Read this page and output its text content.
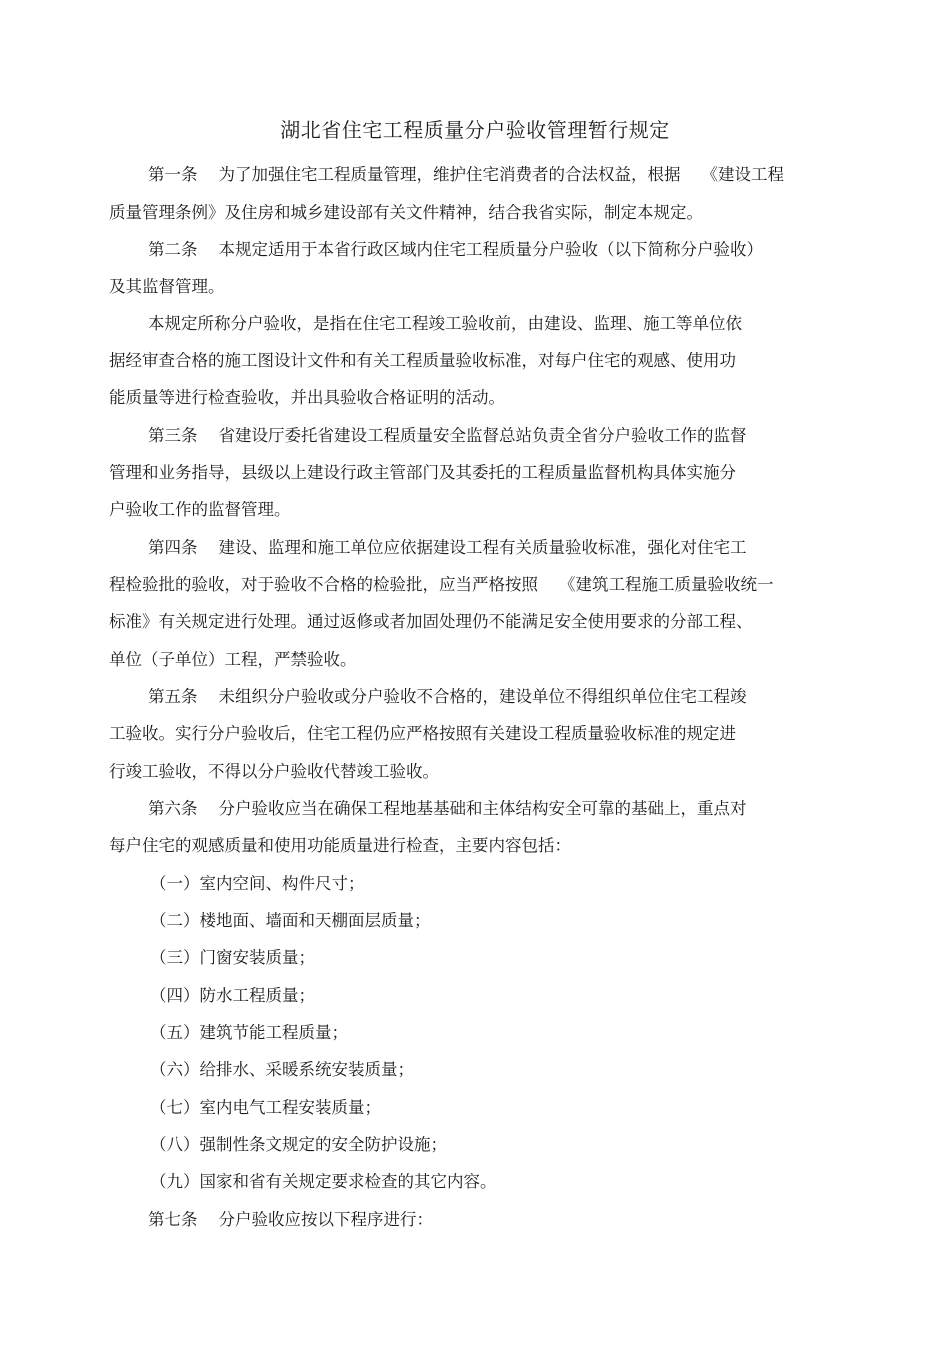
湖北省住宅工程质量分户验收管理暂行规定
第一条    为了加强住宅工程质量管理，维护住宅消费者的合法权益，根据    《建设工程
质量管理条例》及住房和城乡建设部有关文件精神，结合我省实际，制定本规定。
第二条    本规定适用于本省行政区域内住宅工程质量分户验收（以下简称分户验收）
及其监督管理。
本规定所称分户验收，是指在住宅工程竣工验收前，由建设、监理、施工等单位依
据经审查合格的施工图设计文件和有关工程质量验收标准，对每户住宅的观感、使用功
能质量等进行检查验收，并出具验收合格证明的活动。
第三条    省建设厅委托省建设工程质量安全监督总站负责全省分户验收工作的监督
管理和业务指导，县级以上建设行政主管部门及其委托的工程质量监督机构具体实施分
户验收工作的监督管理。
第四条    建设、监理和施工单位应依据建设工程有关质量验收标准，强化对住宅工
程检验批的验收，对于验收不合格的检验批，应当严格按照    《建筑工程施工质量验收统一
标准》有关规定进行处理。通过返修或者加固处理仍不能满足安全使用要求的分部工程、
单位（子单位）工程，严禁验收。
第五条    未组织分户验收或分户验收不合格的，建设单位不得组织单位住宅工程竣
工验收。实行分户验收后，住宅工程仍应严格按照有关建设工程质量验收标准的规定进
行竣工验收，不得以分户验收代替竣工验收。
第六条    分户验收应当在确保工程地基基础和主体结构安全可靠的基础上，重点对
每户住宅的观感质量和使用功能质量进行检查，主要内容包括：
（一）室内空间、构件尺寸；
（二）楼地面、墙面和天棚面层质量；
（三）门窗安装质量；
（四）防水工程质量；
（五）建筑节能工程质量；
（六）给排水、采暖系统安装质量；
（七）室内电气工程安装质量；
（八）强制性条文规定的安全防护设施；
（九）国家和省有关规定要求检查的其它内容。
第七条    分户验收应按以下程序进行：
